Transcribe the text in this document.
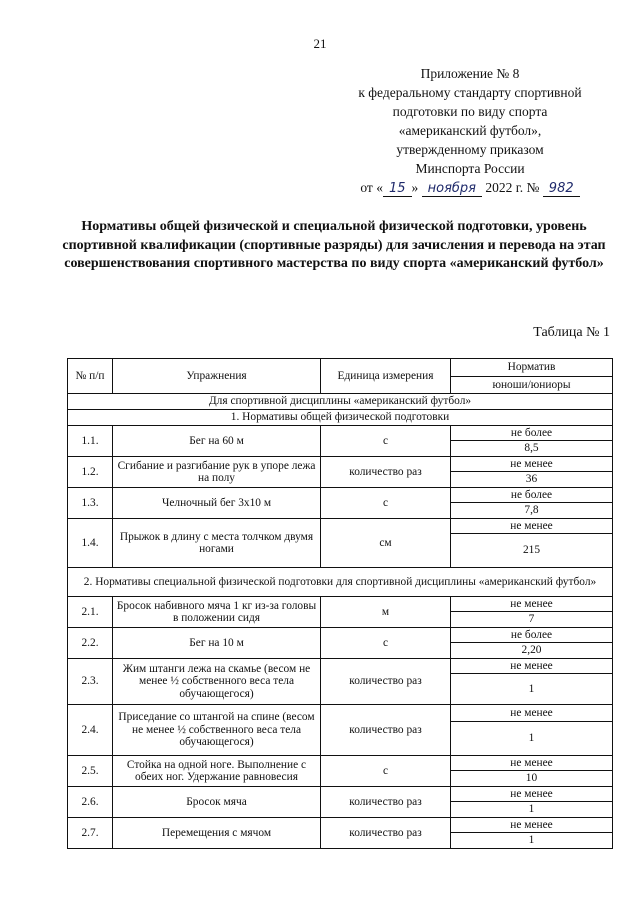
21
Приложение № 8
к федеральному стандарту спортивной
подготовки по виду спорта
«американский футбол»,
утвержденному приказом
Минспорта России
от « 15 » ноября 2022 г. № 982
Нормативы общей физической и специальной физической подготовки, уровень спортивной квалификации (спортивные разряды) для зачисления и перевода на этап совершенствования спортивного мастерства по виду спорта «американский футбол»
Таблица № 1
№ п/п	Упражнения	Единица измерения	Норматив
			юноши/юниоры
Для спортивной дисциплины «американский футбол»			
1. Нормативы общей физической подготовки			
1.1.	Бег на 60 м	с	не более
			8,5
1.2.	Сгибание и разгибание рук в упоре лежа на полу	количество раз	не менее
			36
1.3.	Челночный бег 3х10 м	с	не более
			7,8
1.4.	Прыжок в длину с места толчком двумя ногами	см	не менее
			215
2. Нормативы специальной физической подготовки для спортивной дисциплины «американский футбол»			
2.1.	Бросок набивного мяча 1 кг из-за головы в положении сидя	м	не менее
			7
2.2.	Бег на 10 м	с	не более
			2,20
2.3.	Жим штанги лежа на скамье (весом не менее ½ собственного веса тела обучающегося)	количество раз	не менее
			1
2.4.	Приседание со штангой на спине (весом не менее ½ собственного веса тела обучающегося)	количество раз	не менее
			1
2.5.	Стойка на одной ноге. Выполнение с обеих ног. Удержание равновесия	с	не менее
			10
2.6.	Бросок мяча	количество раз	не менее
			1
2.7.	Перемещения с мячом	количество раз	не менее
			1
